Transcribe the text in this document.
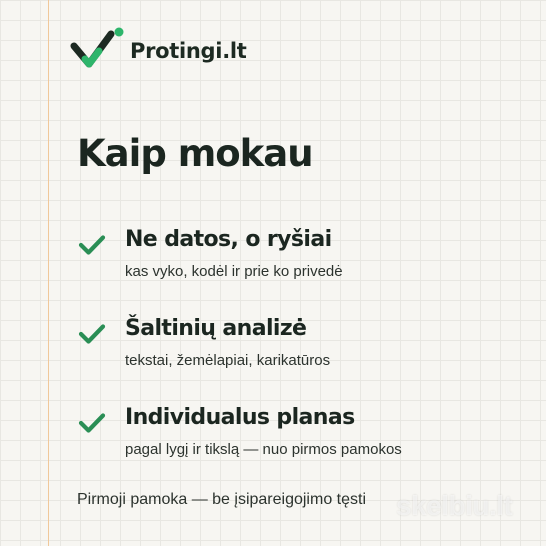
Protingi.lt
Kaip mokau
Ne datos, o ryšiai
kas vyko, kodėl ir prie ko privedė
Šaltinių analizė
tekstai, žemėlapiai, karikatūros
Individualus planas
pagal lygį ir tikslą — nuo pirmos pamokos
Pirmoji pamoka — be įsipareigojimo tęsti skelbiu.lt
